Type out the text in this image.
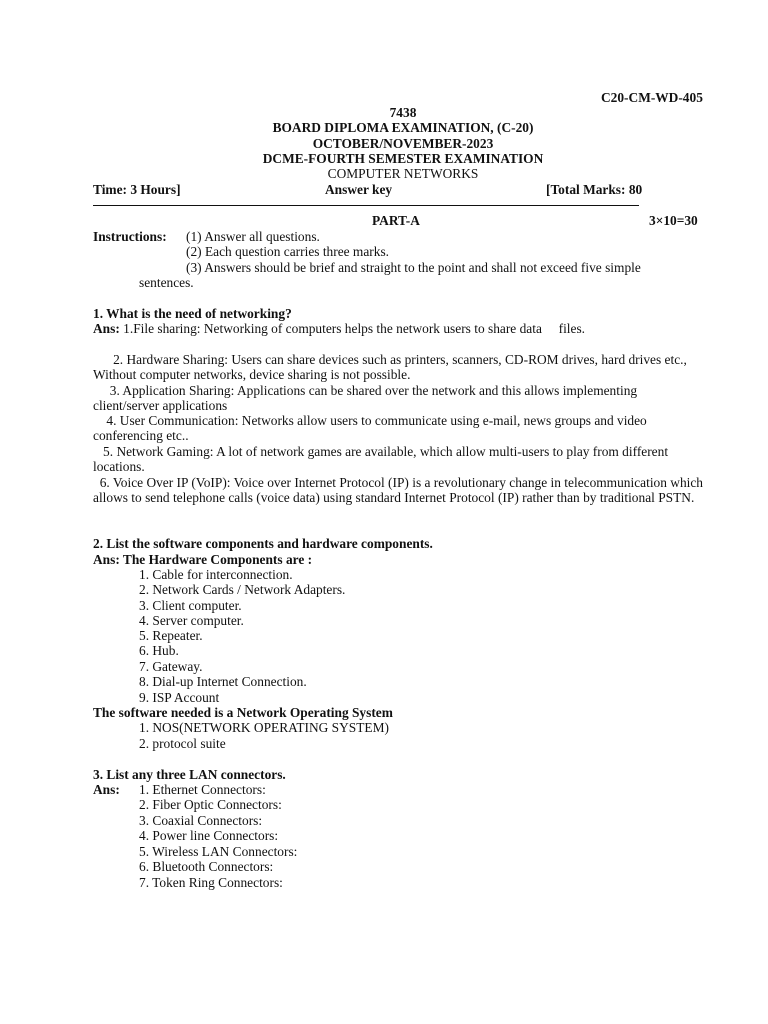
C20-CM-WD-405
7438
BOARD DIPLOMA EXAMINATION, (C-20)
OCTOBER/NOVEMBER-2023
DCME-FOURTH SEMESTER EXAMINATION
COMPUTER NETWORKS
Time: 3 Hours]	Answer key	[Total Marks: 80
PART-A	3×10=30
Instructions: (1) Answer all questions.
(2) Each question carries three marks.
(3) Answers should be brief and straight to the point and shall not exceed five simple
sentences.
1. What is the need of networking?
Ans: 1.File sharing: Networking of computers helps the network users to share data     files.
2. Hardware Sharing: Users can share devices such as printers, scanners, CD-ROM drives, hard drives etc., Without computer networks, device sharing is not possible.
3. Application Sharing: Applications can be shared over the network and this allows implementing client/server applications
4. User Communication: Networks allow users to communicate using e-mail, news groups and video conferencing etc..
5. Network Gaming: A lot of network games are available, which allow multi-users to play from different locations.
6. Voice Over IP (VoIP): Voice over Internet Protocol (IP) is a revolutionary change in telecommunication which allows to send telephone calls (voice data) using standard Internet Protocol (IP) rather than by traditional PSTN.
2. List the software components and hardware components.
Ans: The Hardware Components are :
1. Cable for interconnection.
2. Network Cards / Network Adapters.
3. Client computer.
4. Server computer.
5. Repeater.
6. Hub.
7. Gateway.
8. Dial-up Internet Connection.
9. ISP Account
The software needed is a Network Operating System
1. NOS(NETWORK OPERATING SYSTEM)
2. protocol suite
3. List any three LAN connectors.
Ans: 1. Ethernet Connectors:
2. Fiber Optic Connectors:
3. Coaxial Connectors:
4. Power line Connectors:
5. Wireless LAN Connectors:
6. Bluetooth Connectors:
7. Token Ring Connectors:
